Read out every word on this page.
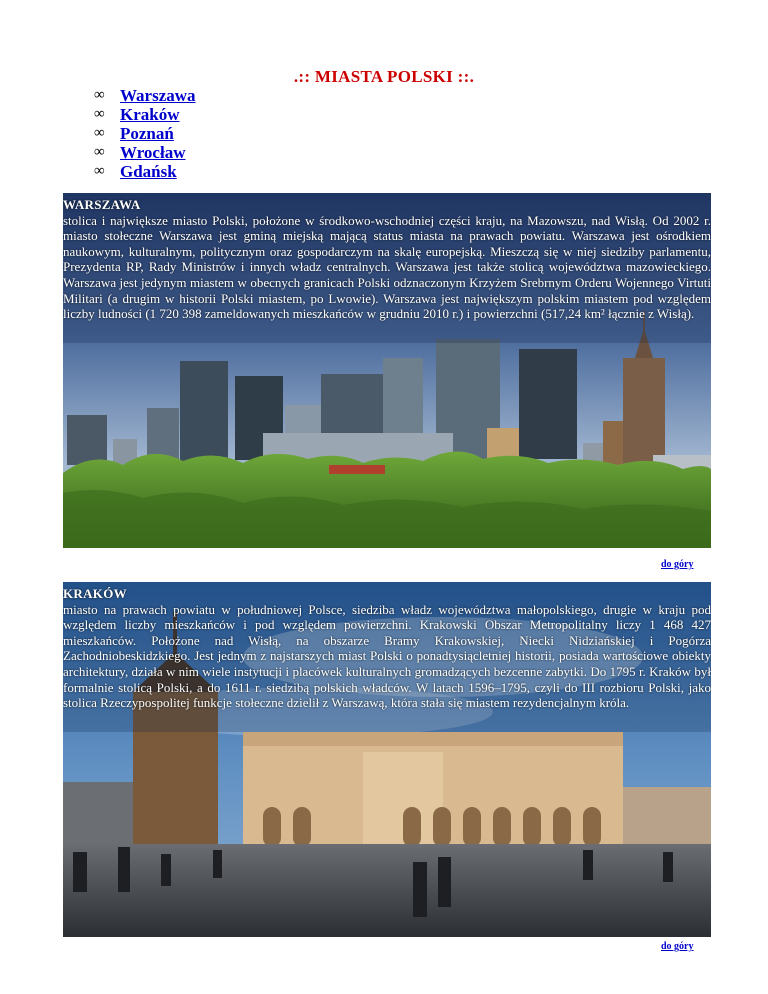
.:: MIASTA POLSKI ::.
∞ Warszawa
∞ Kraków
∞ Poznań
∞ Wrocław
∞ Gdańsk
WARSZAWA
stolica i największe miasto Polski, położone w środkowo-wschodniej części kraju, na Mazowszu, nad Wisłą. Od 2002 r. miasto stołeczne Warszawa jest gminą miejską mającą status miasta na prawach powiatu. Warszawa jest ośrodkiem naukowym, kulturalnym, politycznym oraz gospodarczym na skalę europejską. Mieszczą się w niej siedziby parlamentu, Prezydenta RP, Rady Ministrów i innych władz centralnych. Warszawa jest także stolicą województwa mazowieckiego. Warszawa jest jedynym miastem w obecnych granicach Polski odznaczonym Krzyżem Srebrnym Orderu Wojennego Virtuti Militari (a drugim w historii Polski miastem, po Lwowie). Warszawa jest największym polskim miastem pod względem liczby ludności (1 720 398 zameldowanych mieszkańców w grudniu 2010 r.) i powierzchni (517,24 km² łącznie z Wisłą).
do góry
KRAKÓW
miasto na prawach powiatu w południowej Polsce, siedziba władz województwa małopolskiego, drugie w kraju pod względem liczby mieszkańców i pod względem powierzchni. Krakowski Obszar Metropolitalny liczy 1 468 427 mieszkańców. Położone nad Wisłą, na obszarze Bramy Krakowskiej, Niecki Nidziańskiej i Pogórza Zachodniobeskidzkiego. Jest jednym z najstarszych miast Polski o ponadtysiącletniej historii, posiada wartościowe obiekty architektury, działa w nim wiele instytucji i placówek kulturalnych gromadzących bezcenne zabytki. Do 1795 r. Kraków był formalnie stolicą Polski, a do 1611 r. siedzibą polskich władców. W latach 1596–1795, czyli do III rozbioru Polski, jako stolica Rzeczypospolitej funkcje stołeczne dzielił z Warszawą, która stała się miastem rezydencjalnym króla.
do góry
